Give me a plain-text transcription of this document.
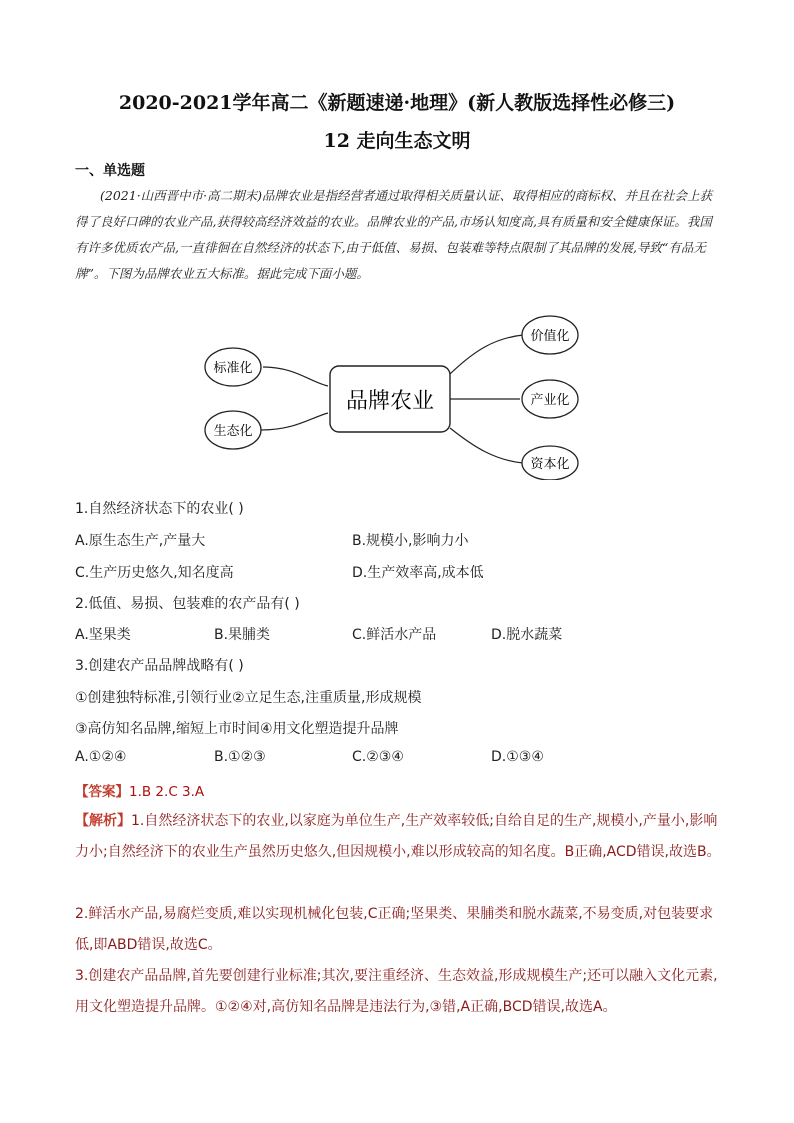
2020-2021学年高二《新题速递·地理》(新人教版选择性必修三)
12 走向生态文明
一、单选题

(2021·山西晋中市·高二期末)品牌农业是指经营者通过取得相关质量认证、取得相应的商标权、并且在社会上获得了良好口碑的农业产品,获得较高经济效益的农业。品牌农业的产品,市场认知度高,具有质量和安全健康保证。我国有许多优质农产品,一直徘徊在自然经济的状态下,由于低值、易损、包装难等特点限制了其品牌的发展,导致“有品无牌”。下图为品牌农业五大标准。据此完成下面小题。

标准化
生态化
品牌农业
价值化
产业化
资本化
1.自然经济状态下的农业( )
A.原生态生产,产量大	B.规模小,影响力小
C.生产历史悠久,知名度高	D.生产效率高,成本低
2.低值、易损、包装难的农产品有( )
A.坚果类	B.果脯类	C.鲜活水产品	D.脱水蔬菜
3.创建农产品品牌战略有( )
①创建独特标准,引领行业②立足生态,注重质量,形成规模
③高仿知名品牌,缩短上市时间④用文化塑造提升品牌
A.①②④	B.①②③	C.②③④	D.①③④
【答案】1.B 2.C 3.A

【解析】1.自然经济状态下的农业,以家庭为单位生产,生产效率较低;自给自足的生产,规模小,产量小,影响力小;自然经济下的农业生产虽然历史悠久,但因规模小,难以形成较高的知名度。B正确,ACD错误,故选B。

2.鲜活水产品,易腐烂变质,难以实现机械化包装,C正确;坚果类、果脯类和脱水蔬菜,不易变质,对包装要求低,即ABD错误,故选C。

3.创建农产品品牌,首先要创建行业标准;其次,要注重经济、生态效益,形成规模生产;还可以融入文化元素,用文化塑造提升品牌。①②④对,高仿知名品牌是违法行为,③错,A正确,BCD错误,故选A。
